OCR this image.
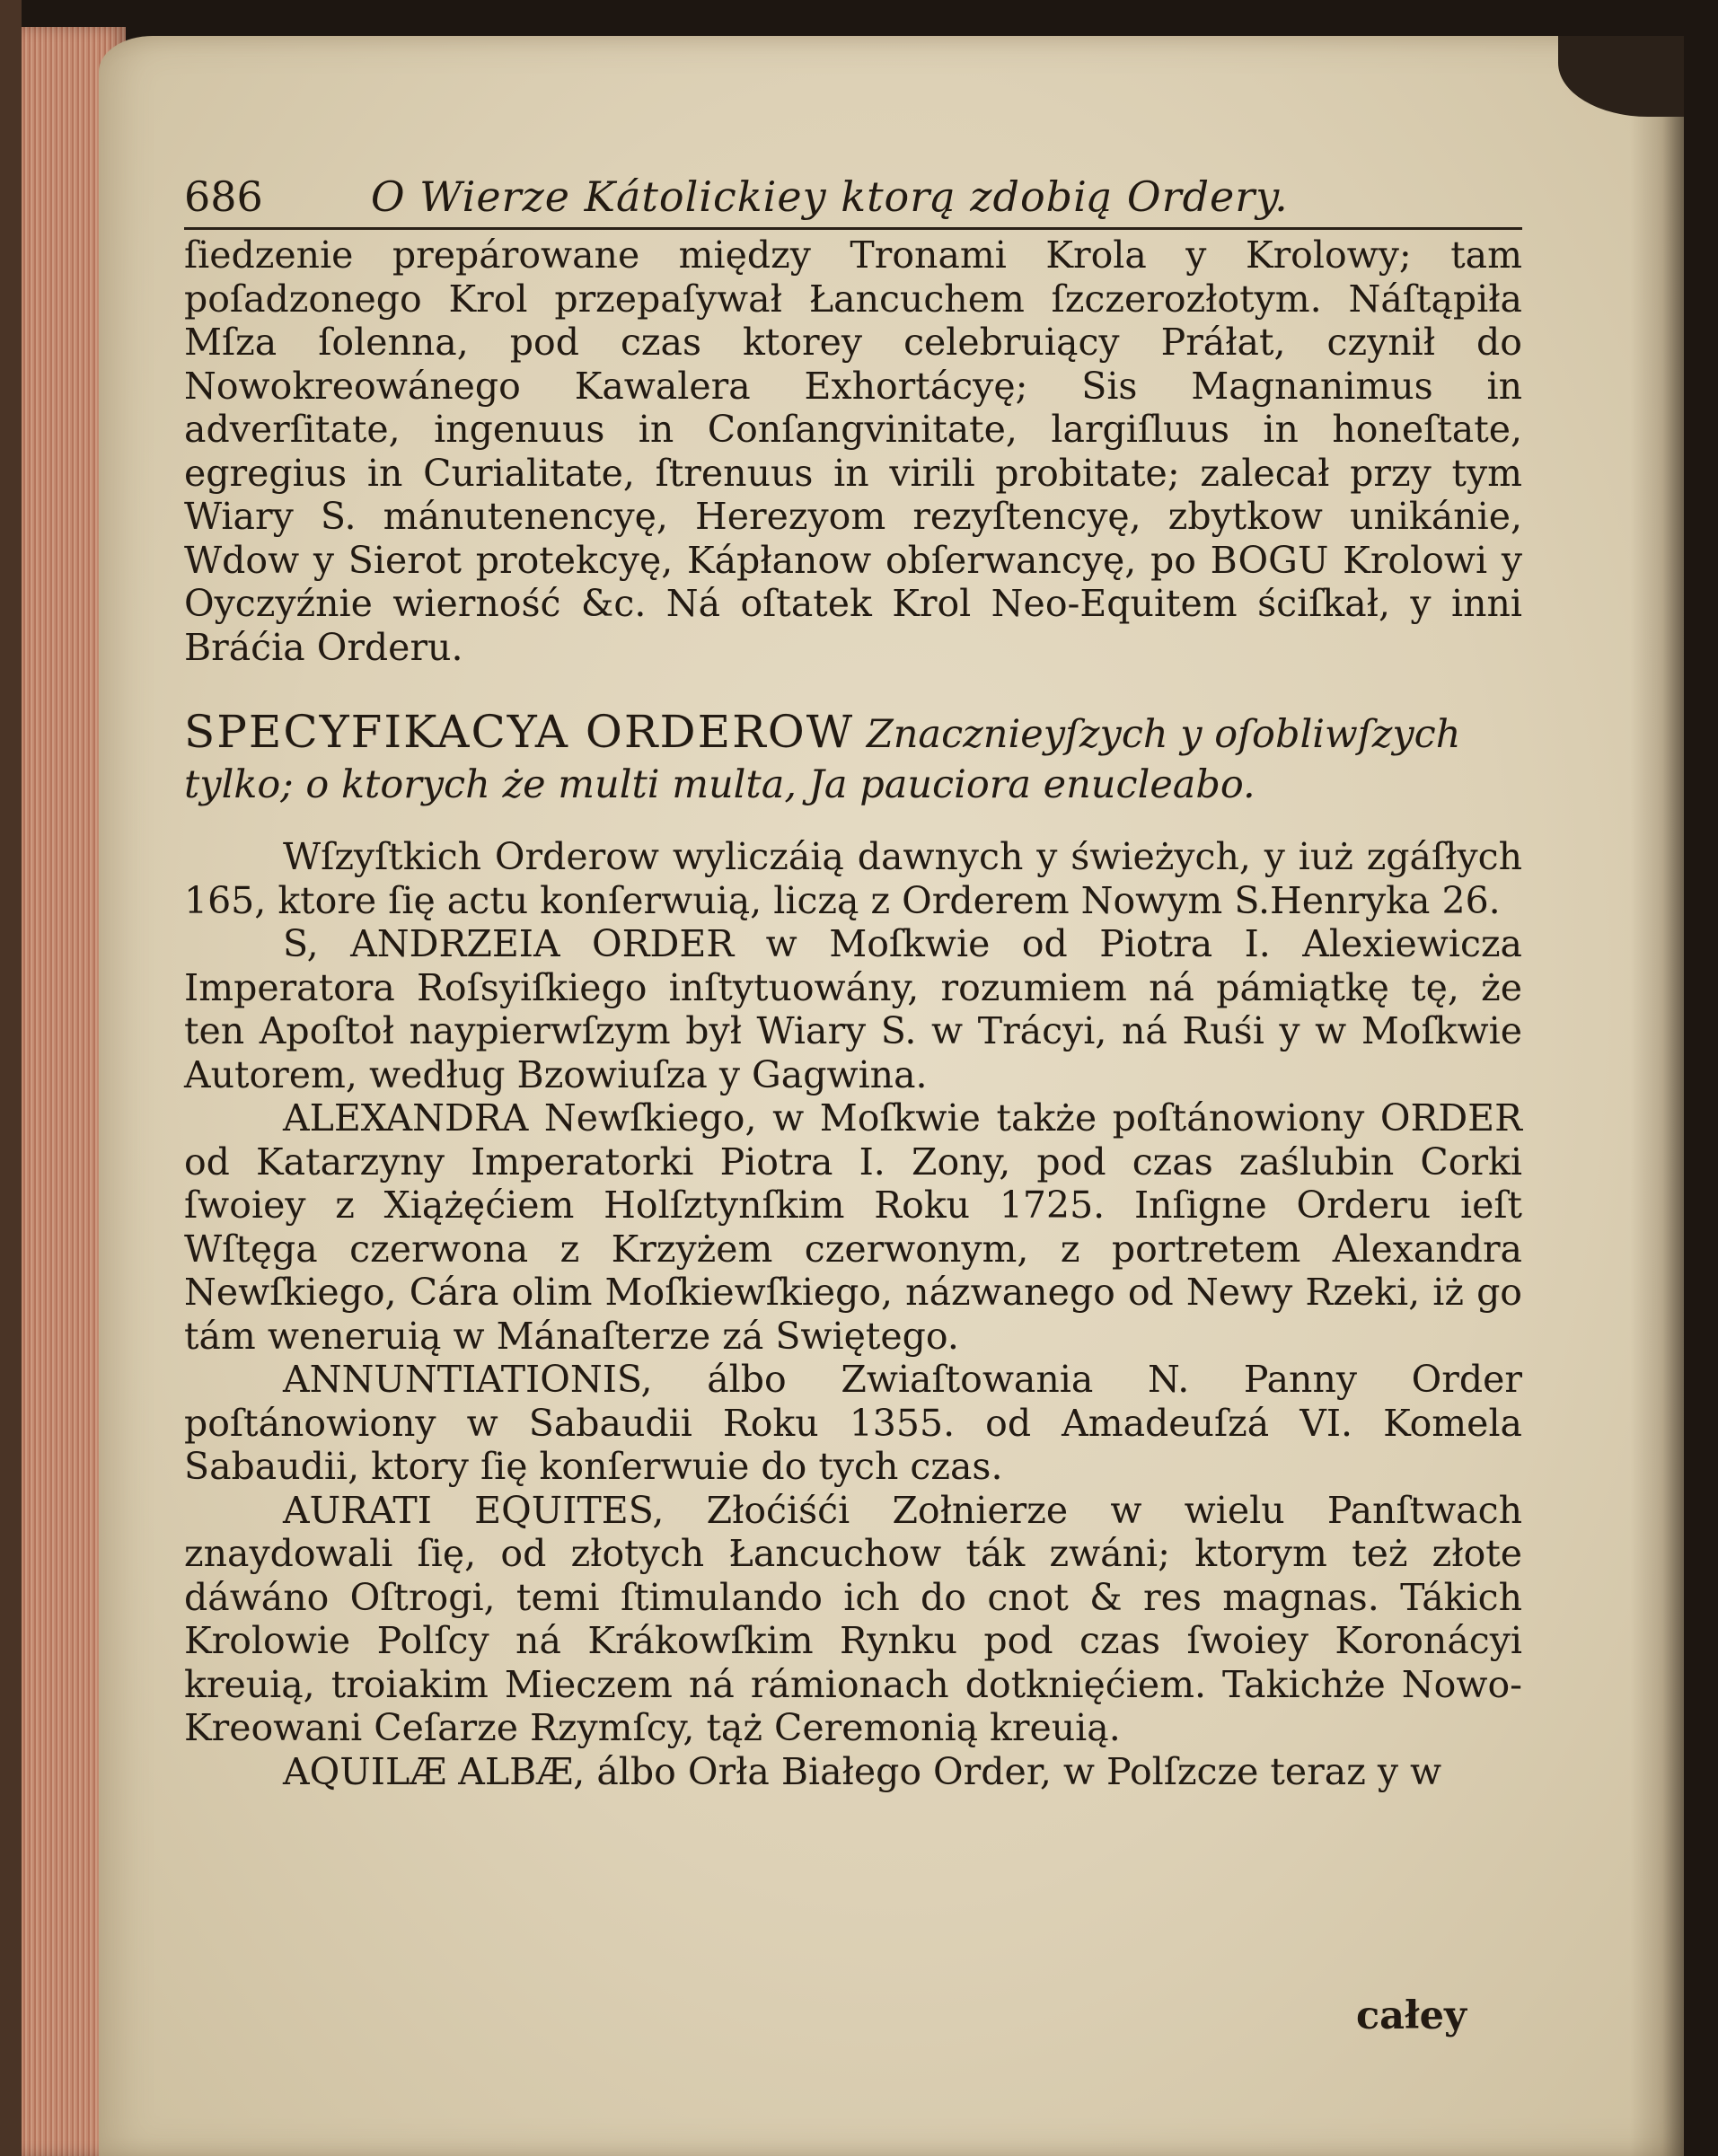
686	O Wierze Kátolickiey ktorą zdobią Ordery.

ſiedzenie prepárowane między Tronami Krola y Krolowy; tam poſadzonego Krol przepaſywał Łancuchem ſzczerozłotym. Náſtąpiła Mſza ſolenna, pod czas ktorey celebruiący Práłat, czynił do Nowokreowánego Kawalera Exhortácyę; Sis Magnanimus in adverſitate, ingenuus in Conſangvinitate, largiſluus in honeſtate, egregius in Curialitate, ſtrenuus in virili probitate; zalecał przy tym Wiary S. mánutenencyę, Herezyom rezyſtencyę, zbytkow unikánie, Wdow y Sierot protekcyę, Kápłanow obſerwancyę, po BOGU Krolowi y Oyczyźnie wierność &c. Ná oſtatek Krol Neo-Equitem ściſkał, y inni Bráćia Orderu.

SPECYFIKACYA ORDEROW Znacznieyſzych y oſobliwſzych tylko; o ktorych że multi multa, Ja pauciora enucleabo.

Wſzyſtkich Orderow wyliczáią dawnych y świeżych, y iuż zgáſłych 165, ktore ſię actu konſerwuią, liczą z Orderem Nowym S.Henryka 26.

S, ANDRZEIA ORDER w Moſkwie od Piotra I. Alexiewicza Imperatora Roſsyiſkiego inſtytuowány, rozumiem ná pámiątkę tę, że ten Apoſtoł naypierwſzym był Wiary S. w Trácyi, ná Ruśi y w Moſkwie Autorem, według Bzowiuſza y Gagwina.

ALEXANDRA Newſkiego, w Moſkwie także poſtánowiony ORDER od Katarzyny Imperatorki Piotra I. Zony, pod czas zaślubin Corki ſwoiey z Xiążęćiem Holſztynſkim Roku 1725. Inſigne Orderu ieſt Wſtęga czerwona z Krzyżem czerwonym, z portretem Alexandra Newſkiego, Cára olim Moſkiewſkiego, názwanego od Newy Rzeki, iż go tám weneruią w Mánaſterze zá Swiętego.

ANNUNTIATIONIS, álbo Zwiaſtowania N. Panny Order poſtánowiony w Sabaudii Roku 1355. od Amadeuſzá VI. Komela Sabaudii, ktory ſię konſerwuie do tych czas.

AURATI EQUITES, Złoćiśći Zołnierze w wielu Panſtwach znaydowali ſię, od złotych Łancuchow ták zwáni; ktorym też złote dáwáno Oſtrogi, temi ſtimulando ich do cnot & res magnas. Tákich Krolowie Polſcy ná Krákowſkim Rynku pod czas ſwoiey Koronácyi kreuią, troiakim Mieczem ná rámionach dotknięćiem. Takichże Nowo-Kreowani Ceſarze Rzymſcy, tąż Ceremonią kreuią.

AQUILÆ ALBÆ, álbo Orła Białego Order, w Polſzcze teraz y w

całey
